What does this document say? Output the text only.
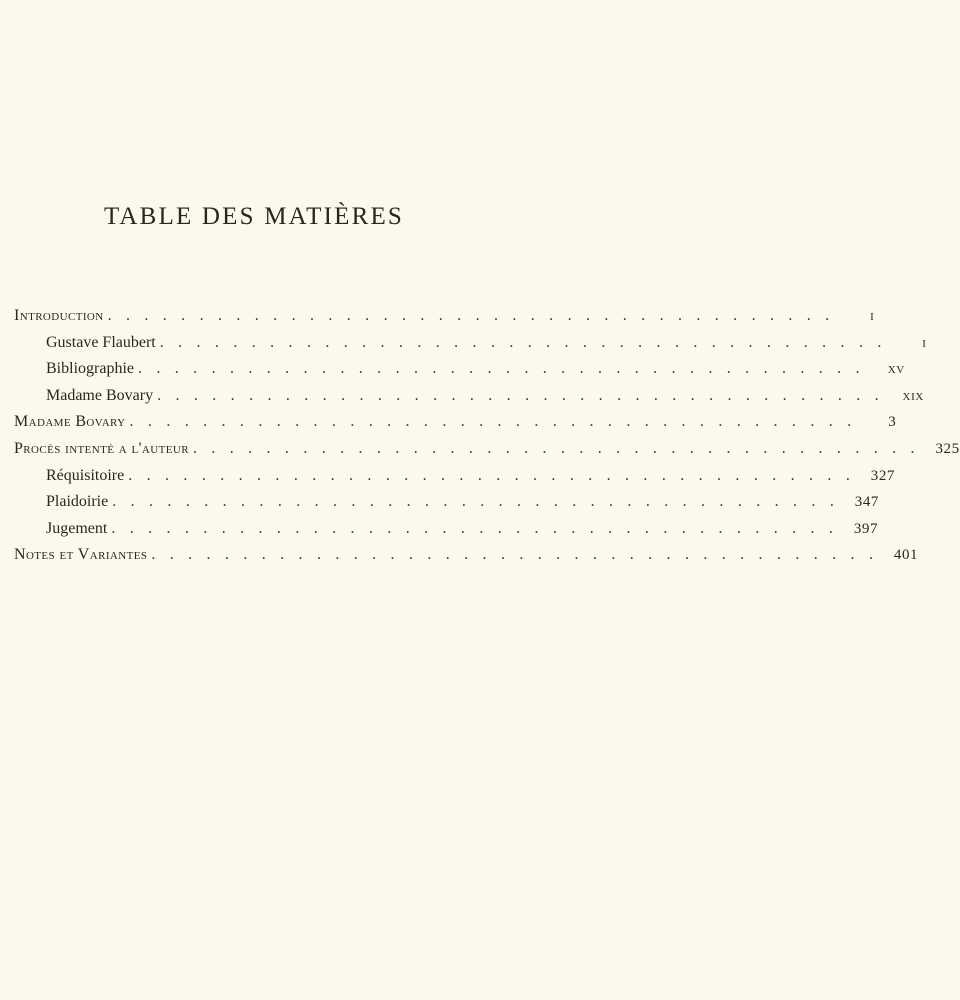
TABLE DES MATIÈRES
Introduction . . . . . . . . . . . . . . . . . . . . . . . . . . . . . . . . . . . . . . . .	i
Gustave Flaubert . . . . . . . . . . . . . . . . . . . . . . . . . . . . . . . . . . . . . . . .	i
Bibliographie . . . . . . . . . . . . . . . . . . . . . . . . . . . . . . . . . . . . . . . .	xv
Madame Bovary . . . . . . . . . . . . . . . . . . . . . . . . . . . . . . . . . . . . . . . .	xix
Madame Bovary . . . . . . . . . . . . . . . . . . . . . . . . . . . . . . . . . . . . . . . .	3
Procès intenté a l'auteur . . . . . . . . . . . . . . . . . . . . . . . . . . . . . . . . . . . . . . . .	325
Réquisitoire . . . . . . . . . . . . . . . . . . . . . . . . . . . . . . . . . . . . . . . .	327
Plaidoirie . . . . . . . . . . . . . . . . . . . . . . . . . . . . . . . . . . . . . . . .	347
Jugement . . . . . . . . . . . . . . . . . . . . . . . . . . . . . . . . . . . . . . . .	397
Notes et Variantes . . . . . . . . . . . . . . . . . . . . . . . . . . . . . . . . . . . . . . . .	401
